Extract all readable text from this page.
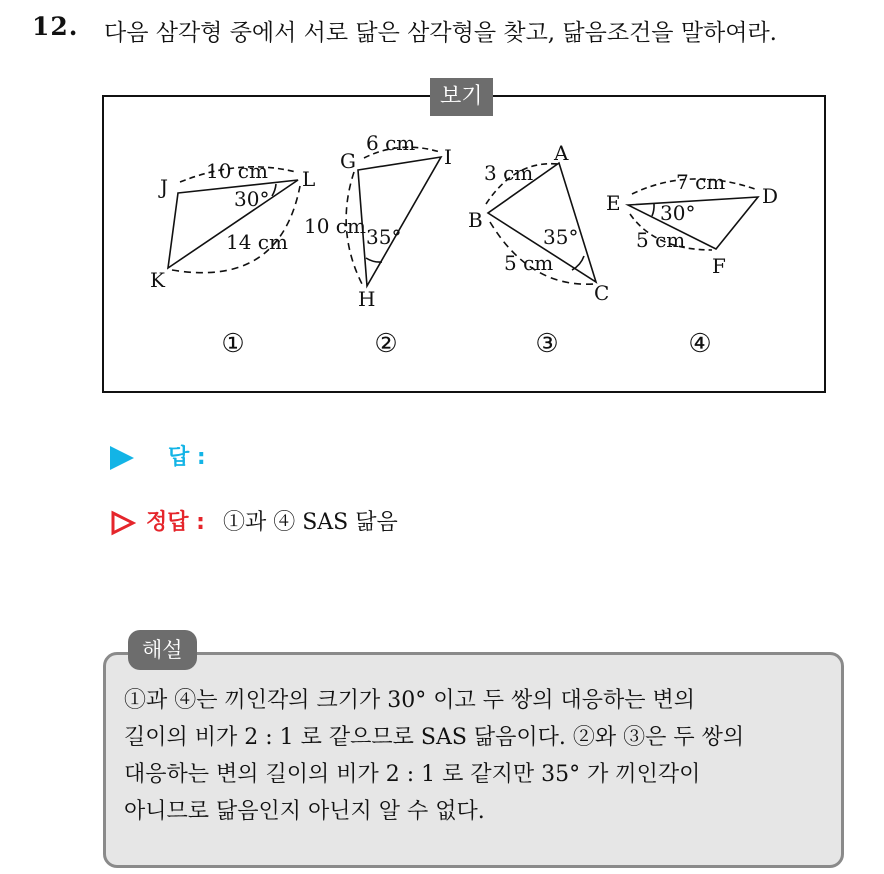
12. 다음 삼각형 중에서 서로 닮은 삼각형을 찾고, 닮음조건을 말하여라.
보기
J	L
K
10 cm
14 cm
30°
G	I
H
6 cm
10 cm 35°
A
B
C
3 cm
5 cm
35°
E	D
F
7 cm
5 cm
30°
①	②	③	④
답 :
정답 : ①과 ④ SAS 닮음
해설
①과 ④는 끼인각의 크기가 30° 이고 두 쌍의 대응하는 변의
길이의 비가 2 : 1 로 같으므로 SAS 닮음이다. ②와 ③은 두 쌍의
대응하는 변의 길이의 비가 2 : 1 로 같지만 35° 가 끼인각이
아니므로 닮음인지 아닌지 알 수 없다.
